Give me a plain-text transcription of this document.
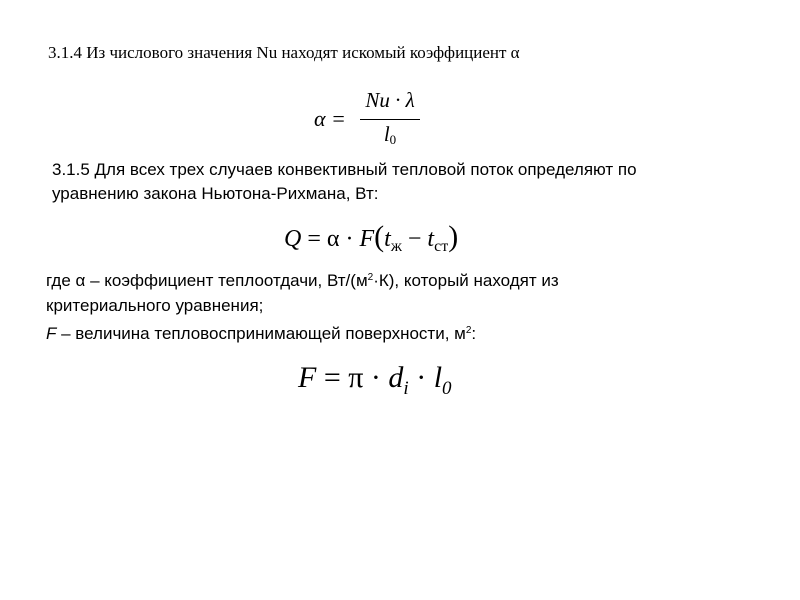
3.1.4 Из числового значения Nu находят искомый коэффициент α
α =
Nu · λ
$l_0$
3.1.5 Для всех трех случаев конвективный тепловой поток определяют по
уравнению закона Ньютона-Рихмана, Вт:
$Q = \alpha \cdot F(t_ж - t_{ст})$
где α – коэффициент теплоотдачи, $Вт/(м^2\cdot К)$, который находят из
критериального уравнения;
F – величина тепловоспринимающей поверхности, $м^2$:
$F = \pi \cdot d_i \cdot l_0$
